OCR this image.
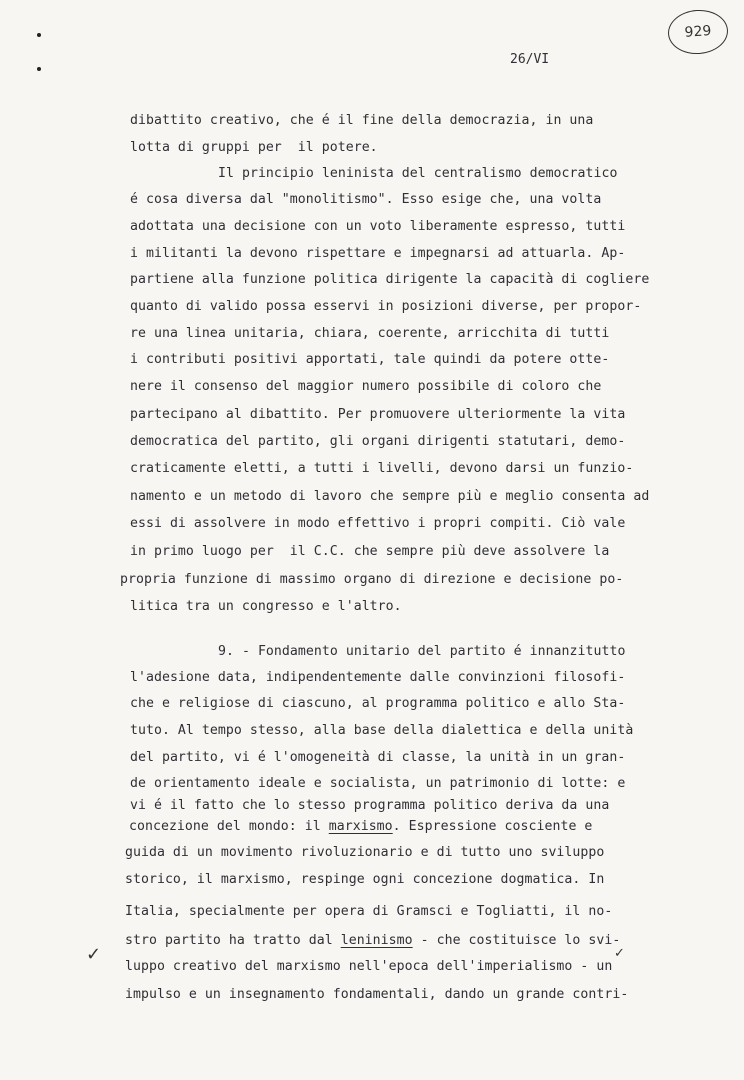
929
26/VI
dibattito creativo, che é il fine della democrazia, in una
lotta di gruppi per  il potere.
Il principio leninista del centralismo democratico
é cosa diversa dal "monolitismo". Esso esige che, una volta
adottata una decisione con un voto liberamente espresso, tutti
i militanti la devono rispettare e impegnarsi ad attuarla. Ap-
partiene alla funzione politica dirigente la capacità di cogliere
quanto di valido possa esservi in posizioni diverse, per propor-
re una linea unitaria, chiara, coerente, arricchita di tutti
i contributi positivi apportati, tale quindi da potere otte-
nere il consenso del maggior numero possibile di coloro che
partecipano al dibattito. Per promuovere ulteriormente la vita
democratica del partito, gli organi dirigenti statutari, demo-
craticamente eletti, a tutti i livelli, devono darsi un funzio-
namento e un metodo di lavoro che sempre più e meglio consenta ad
essi di assolvere in modo effettivo i propri compiti. Ciò vale
in primo luogo per  il C.C. che sempre più deve assolvere la
propria funzione di massimo organo di direzione e decisione po-
litica tra un congresso e l'altro.
9. - Fondamento unitario del partito é innanzitutto
l'adesione data, indipendentemente dalle convinzioni filosofi-
che e religiose di ciascuno, al programma politico e allo Sta-
tuto. Al tempo stesso, alla base della dialettica e della unità
del partito, vi é l'omogeneità di classe, la unità in un gran-
de orientamento ideale e socialista, un patrimonio di lotte: e
vi é il fatto che lo stesso programma politico deriva da una
concezione del mondo: il marxismo. Espressione cosciente e
guida di un movimento rivoluzionario e di tutto uno sviluppo
storico, il marxismo, respinge ogni concezione dogmatica. In
Italia, specialmente per opera di Gramsci e Togliatti, il no-
stro partito ha tratto dal leninismo - che costituisce lo svi-
luppo creativo del marxismo nell'epoca dell'imperialismo - un
impulso e un insegnamento fondamentali, dando un grande contri-
✓	✓
